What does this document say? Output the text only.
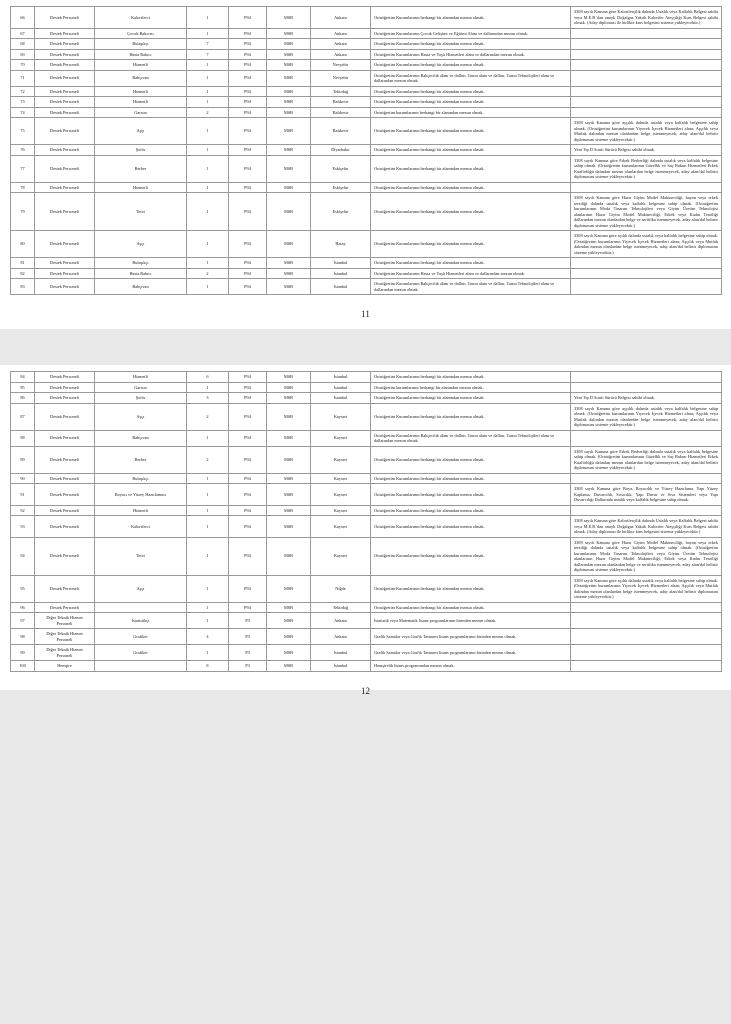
66	Destek Personeli	Kaloriferci	1	P94	MSB	Ankara	Ortaöğretim Kurumlarının herhangi bir alanından mezun olmak.	3308 sayılı Kanuna göre Kaloriferçilik dalında Ustalık veya Kalfalık Belgesi sahibi veya M.E.B.'dan onaylı Doğalgaz Yakıtlı Kalorifer Ateşçiliği Kurs Belgesi sahibi olmak. (Aday diploması ile birlikte kurs belgesini sisteme yükleyecektir.)
67	Destek Personeli	Çocuk Bakıcısı	1	P94	MSB	Ankara	Ortaöğretim Kurumlarının Çocuk Gelişimi ve Eğitimi Alanı ve dallarından mezun olmak.	
68	Destek Personeli	Bulaşıkçı	7	P94	MSB	Ankara	Ortaöğretim Kurumlarının herhangi bir alanından mezun olmak.	
69	Destek Personeli	Hasta Bakıcı	7	P94	MSB	Ankara	Ortaöğretim Kurumlarının Hasta ve Yaşlı Hizmetleri alanı ve dallarından mezun olmak.	
70	Destek Personeli	Hizmetli	1	P94	MSB	Nevşehir	Ortaöğretim Kurumlarının herhangi bir alanından mezun olmak.	
71	Destek Personeli	Bahçıvan	1	P94	MSB	Nevşehir	Ortaöğretim Kurumlarının Bahçecilik alanı ve dalları, Tarım alanı ve dalları, Tarım Teknolojileri alanı ve dallarından mezun olmak.	
72	Destek Personeli	Hizmetli	1	P94	MSB	Tekirdağ	Ortaöğretim Kurumlarının herhangi bir alanından mezun olmak.	
73	Destek Personeli	Hizmetli	1	P94	MSB	Balıkesir	Ortaöğretim Kurumlarının herhangi bir alanından mezun olmak.	
74	Destek Personeli	Garson	2	P94	MSB	Balıkesir	Ortaöğretim kurumlarının herhangi bir alanından mezun olmak.	
75	Destek Personeli	Aşçı	1	P94	MSB	Balıkesir	Ortaöğretim Kurumlarının herhangi bir alanından mezun olmak.	3308 sayılı Kanuna göre aşçılık dalında ustalık veya kalfalık belgesine sahip olmak. (Ortaöğretim kurumlarının Yiyecek İçecek Hizmetleri alanı; Aşçılık veya Mutfak dalından mezun olanlardan belge istenmeyecek, aday alan/dal belirtir diplomasını sisteme yükleyecektir.)
76	Destek Personeli	Şoför	1	P94	MSB	Diyarbakır	Ortaöğretim Kurumlarının herhangi bir alanından mezun olmak.	Yeni Tip D Sınıfı Sürücü Belgesi sahibi olmak.
77	Destek Personeli	Berber	1	P94	MSB	Eskişehir	Ortaöğretim Kurumlarının herhangi bir alanından mezun olmak.	3308 sayılı Kanuna göre Erkek Berberliği dalında ustalık veya kalfalık belgesine sahip olmak. (Ortaöğretim kurumlarının Güzellik ve Saç Bakım Hizmetleri Erkek Kuaförlüğü dalından mezun olanlardan belge istenmeyecek, aday alan/dal belirtir diplomasını sisteme yükleyecektir.)
78	Destek Personeli	Hizmetli	1	P94	MSB	Eskişehir	Ortaöğretim Kurumlarının herhangi bir alanından mezun olmak.	
79	Destek Personeli	Terzi	1	P94	MSB	Eskişehir	Ortaöğretim Kurumlarının herhangi bir alanından mezun olmak.	3308 sayılı Kanuna göre Hazır Giyim Model Makineciliği, bayan veya erkek terziliği dalında ustalık veya kalfalık belgesine sahip olmak. (Ortaöğretim kurumlarının Moda Tasarım Teknolojileri veya Giyim Üretim Teknolojisi alanlarının Hazır Giyim Model Makineciliği, Erkek veya Kadın Terziliği dallarından mezun olanlardan belge ve sertifika istenmeyecek, aday alan/dal belirtir diplomasını sisteme yükleyecektir.)
80	Destek Personeli	Aşçı	1	P94	MSB	Hatay	Ortaöğretim Kurumlarının herhangi bir alanından mezun olmak.	3308 sayılı Kanuna göre açılık dalında ustalık veya kalfalık belgesine sahip olmak. (Ortaöğretim kurumlarının Yiyecek İçecek Hizmetleri alanı; Aşçılık veya Mutfak dalından mezun olanlardan belge istenmeyecek, aday alan/dal belirtir diplomasını sisteme yükleyecektir.)
81	Destek Personeli	Bulaşıkçı	1	P94	MSB	İstanbul	Ortaöğretim Kurumlarının herhangi bir alanından mezun olmak.	
82	Destek Personeli	Hasta Bakıcı	2	P94	MSB	İstanbul	Ortaöğretim Kurumlarının Hasta ve Yaşlı Hizmetleri alanı ve dallarından mezun olmak.	
83	Destek Personeli	Bahçıvan	1	P94	MSB	İstanbul	Ortaöğretim Kurumlarının Bahçecilik alanı ve dalları, Tarım alanı ve dalları, Tarım Teknolojileri alanı ve dallarından mezun olmak.	
11
84	Destek Personeli	Hizmetli	6	P94	MSB	İstanbul	Ortaöğretim Kurumlarının herhangi bir alanından mezun olmak.	
85	Destek Personeli	Garson	1	P94	MSB	İstanbul	Ortaöğretim kurumlarının herhangi bir alanından mezun olmak.	
86	Destek Personeli	Şoför	3	P94	MSB	İstanbul	Ortaöğretim Kurumlarının herhangi bir alanından mezun olmak.	Yeni Tip D Sınıfı Sürücü Belgesi sahibi olmak.
87	Destek Personeli	Aşçı	2	P94	MSB	Kayseri	Ortaöğretim Kurumlarının herhangi bir alanından mezun olmak.	3308 sayılı Kanuna göre aşçılık dalında ustalık veya kalfalık belgesine sahip olmak. (Ortaöğretim kurumlarının Yiyecek İçecek Hizmetleri alanı; Aşçılık veya Mutfak dalından mezun olanlardan belge istenmeyecek, aday alan/dal belirtir diplomasını sisteme yükleyecektir.)
88	Destek Personeli	Bahçıvan	1	P94	MSB	Kayseri	Ortaöğretim Kurumlarının Bahçecilik alanı ve dalları, Tarım alanı ve dalları, Tarım Teknolojileri alanı ve dallarından mezun olmak.	
89	Destek Personeli	Berber	2	P94	MSB	Kayseri	Ortaöğretim Kurumlarının herhangi bir alanından mezun olmak.	3308 sayılı Kanuna göre Erkek Berberliği dalında ustalık veya kalfalık belgesine sahip olmak. (Ortaöğretim kurumlarının Güzellik ve Saç Bakım Hizmetleri Erkek Kuaförlüğü dalından mezun olanlardan belge istenmeyecek, aday alan/dal belirtir diplomasını sisteme yükleyecektir.)
90	Destek Personeli	Bulaşıkçı	1	P94	MSB	Kayseri	Ortaöğretim Kurumlarının herhangi bir alanından mezun olmak.	
91	Destek Personeli	Boyacı ve Yüzey Hazırlamacı	1	P94	MSB	Kayseri	Ortaöğretim Kurumlarının herhangi bir alanından mezun olmak.	3308 sayılı Kanuna göre Boya, Boyacılık ve Yüzey Hazırlama, Yapı Yüzey Kaplama, Duvarcılık, Sıvacılık, Yapı Duvar ve Sıva Sistemleri veya Yapı Duvarcılığı Dallarında ustalık veya kalfalık belgesine sahip olmak.
92	Destek Personeli	Hizmetli	1	P94	MSB	Kayseri	Ortaöğretim Kurumlarının herhangi bir alanından mezun olmak.	
93	Destek Personeli	Kaloriferci	1	P94	MSB	Kayseri	Ortaöğretim Kurumlarının herhangi bir alanından mezun olmak.	3308 sayılı Kanuna göre Kaloriferçilik dalında Ustalık veya Kalfalık Belgesi sahibi veya M.E.B.'dan onaylı Doğalgaz Yakıtlı Kalorifer Ateşçiliği Kurs Belgesi sahibi olmak. (Aday diploması ile birlikte kurs belgesini sisteme yükleyecektir.)
94	Destek Personeli	Terzi	1	P94	MSB	Kayseri	Ortaöğretim Kurumlarının herhangi bir alanından mezun olmak.	3308 sayılı Kanuna göre Hazır Giyim Model Makineciliği, bayan veya erkek terziliği dalında ustalık veya kalfalık belgesine sahip olmak. (Ortaöğretim kurumlarının Moda Tasarım Teknolojileri veya Giyim Üretim Teknolojisi alanlarının Hazır Giyim Model Makineciliği, Erkek veya Kadın Terziliği dallarından mezun olanlardan belge ve sertifika istenmeyecek, aday alan/dal belirtir diplomasını sisteme yükleyecektir.)
95	Destek Personeli	Aşçı	1	P94	MSB	Niğde	Ortaöğretim Kurumlarının herhangi bir alanından mezun olmak.	3308 sayılı Kanuna göre açılık dalında ustalık veya kalfalık belgesine sahip olmak. (Ortaöğretim kurumlarının Yiyecek İçecek Hizmetleri alanı; Aşçılık veya Mutfak dalından mezun olanlardan belge istenmeyecek, aday alan/dal belirtir diplomasını sisteme yükleyecektir.)
96	Destek Personeli		1	P94	MSB	Tekirdağ	Ortaöğretim Kurumlarının herhangi bir alanından mezun olmak.	
97	Diğer Teknik Hizmet Personeli	İstatistikçi	1	P3	MSB	Ankara	İstatistik veya Matematik lisans programlarının birinden mezun olmak.	
98	Diğer Teknik Hizmet Personeli	Grafiker	4	P3	MSB	Ankara	Grafik Sanatlar veya Grafik Tasarımı lisans programlarının birinden mezun olmak.	
99	Diğer Teknik Hizmet Personeli	Grafiker	1	P3	MSB	İstanbul	Grafik Sanatlar veya Grafik Tasarımı lisans programlarının birinden mezun olmak.	
100	Hemşire		8	P3	MSB	İstanbul	Hemşirelik lisans programından mezun olmak.	
12
